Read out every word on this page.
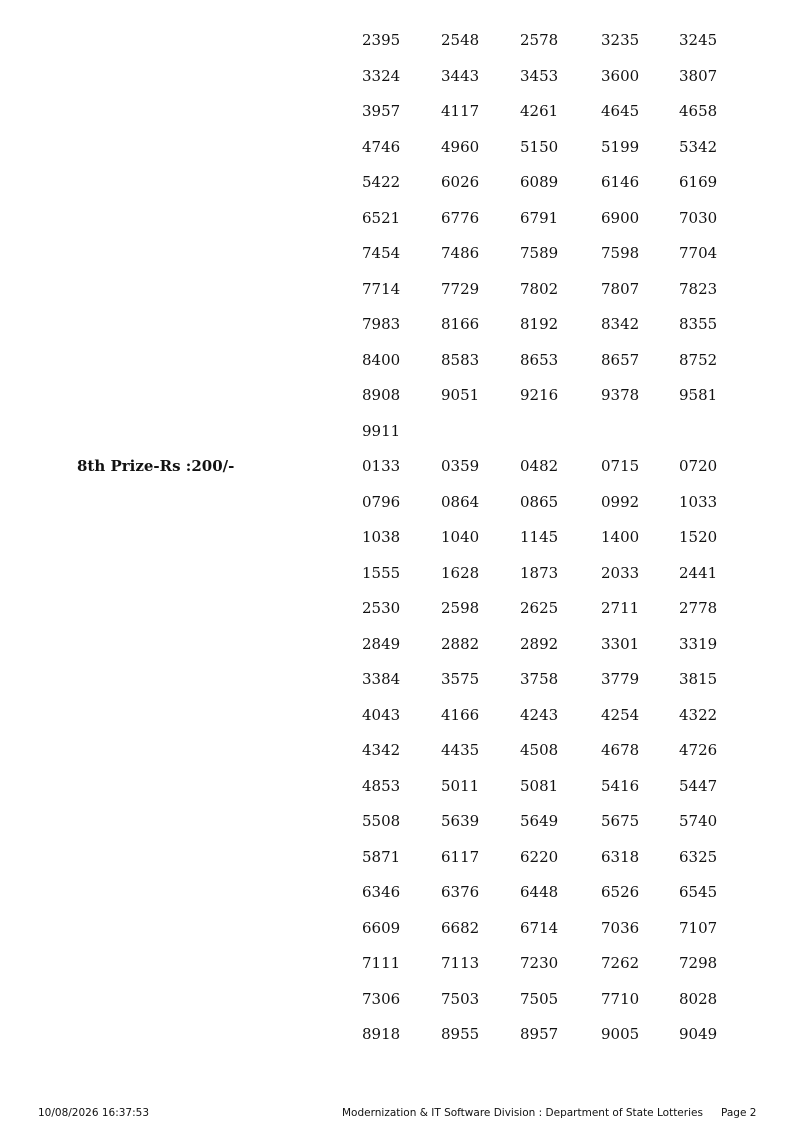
2395	2548	2578	3235	3245
3324	3443	3453	3600	3807
3957	4117	4261	4645	4658
4746	4960	5150	5199	5342
5422	6026	6089	6146	6169
6521	6776	6791	6900	7030
7454	7486	7589	7598	7704
7714	7729	7802	7807	7823
7983	8166	8192	8342	8355
8400	8583	8653	8657	8752
8908	9051	9216	9378	9581
9911
8th Prize-Rs :200/-	0133	0359	0482	0715	0720
0796	0864	0865	0992	1033
1038	1040	1145	1400	1520
1555	1628	1873	2033	2441
2530	2598	2625	2711	2778
2849	2882	2892	3301	3319
3384	3575	3758	3779	3815
4043	4166	4243	4254	4322
4342	4435	4508	4678	4726
4853	5011	5081	5416	5447
5508	5639	5649	5675	5740
5871	6117	6220	6318	6325
6346	6376	6448	6526	6545
6609	6682	6714	7036	7107
7111	7113	7230	7262	7298
7306	7503	7505	7710	8028
8918	8955	8957	9005	9049
10/08/2026 16:37:53	Modernization & IT Software Division : Department of State Lotteries Page 2
